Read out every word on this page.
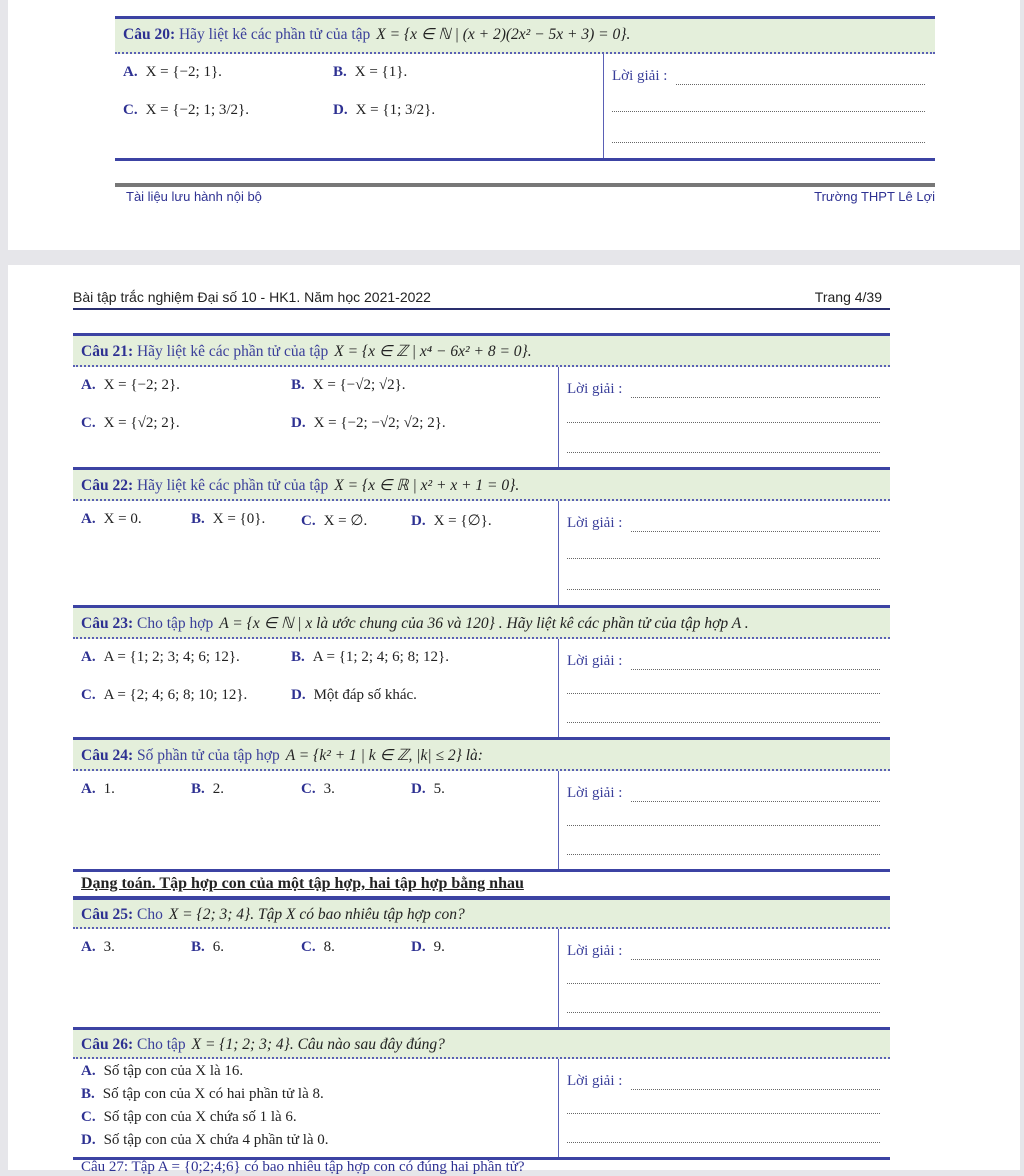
Tài liệu lưu hành nội bộ	Trường THPT Lê Lợi
Câu 20: Hãy liệt kê các phần tử của tập X = {x ∈ ℕ | (x + 2)(2x² − 5x + 3) = 0}.
A. X = {−2; 1}.	B. X = {1}.
C. X = {−2; 1; 3/2}.	D. X = {1; 3/2}.
Lời giải :
Bài tập trắc nghiệm Đại số 10 - HK1. Năm học 2021-2022	Trang 4/39
Dạng toán. Tập hợp con của một tập hợp, hai tập hợp bằng nhau
Câu 27: Tập A = {0;2;4;6} có bao nhiêu tập hợp con có đúng hai phần tử?
Câu 21: Hãy liệt kê các phần tử của tập X = {x ∈ ℤ | x⁴ − 6x² + 8 = 0}.
A. X = {−2; 2}.	B. X = {−√2; √2}.
C. X = {√2; 2}.	D. X = {−2; −√2; √2; 2}.
Lời giải :
Câu 22: Hãy liệt kê các phần tử của tập X = {x ∈ ℝ | x² + x + 1 = 0}.
A. X = 0.	B. X = {0}. C. X = ∅.	D. X = {∅}.	Lời giải :
Câu 23: Cho tập hợp A = {x ∈ ℕ | x là ước chung của 36 và 120} . Hãy liệt kê các phần tử của tập hợp A .
A. A = {1; 2; 3; 4; 6; 12}.	B. A = {1; 2; 4; 6; 8; 12}.
C. A = {2; 4; 6; 8; 10; 12}.	D. Một đáp số khác.
Lời giải :
Câu 24: Số phần tử của tập hợp A = {k² + 1 | k ∈ ℤ, |k| ≤ 2} là:
A. 1.	B. 2.	C. 3.	D. 5.	Lời giải :
Câu 25: Cho X = {2; 3; 4}. Tập X có bao nhiêu tập hợp con?
A. 3.	B. 6.	C. 8.	D. 9.	Lời giải :
Câu 26: Cho tập X = {1; 2; 3; 4}. Câu nào sau đây đúng?
A. Số tập con của X là 16.
B. Số tập con của X có hai phần tử là 8.
C. Số tập con của X chứa số 1 là 6.
D. Số tập con của X chứa 4 phần tử là 0.
Lời giải :
